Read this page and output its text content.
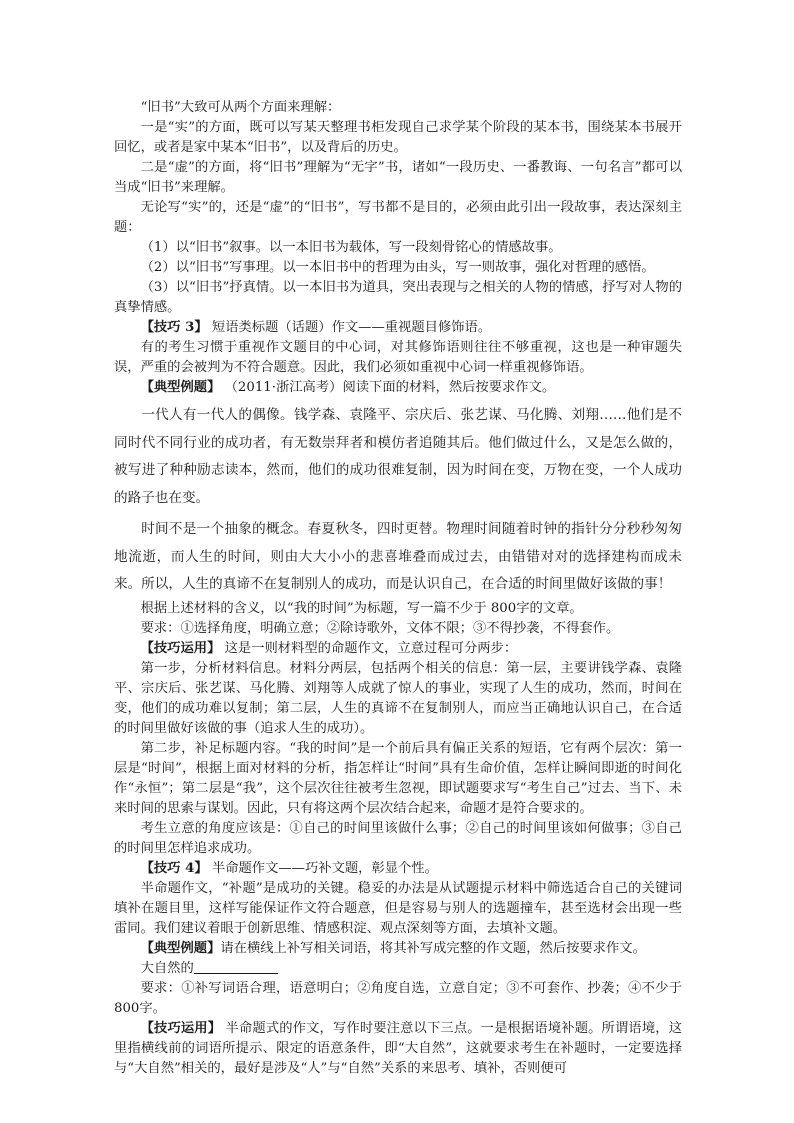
“旧书”大致可从两个方面来理解：

一是“实”的方面，既可以写某天整理书柜发现自己求学某个阶段的某本书，围绕某本书展开回忆，或者是家中某本“旧书”，以及背后的历史。

二是“虚”的方面，将“旧书”理解为“无字”书，诸如“一段历史、一番教诲、一句名言”都可以当成“旧书”来理解。

无论写“实”的，还是“虚”的“旧书”，写书都不是目的，必须由此引出一段故事，表达深刻主题：

（1）以“旧书”叙事。以一本旧书为载体，写一段刻骨铭心的情感故事。

（2）以“旧书”写事理。以一本旧书中的哲理为由头，写一则故事，强化对哲理的感悟。

（3）以“旧书”抒真情。以一本旧书为道具，突出表现与之相关的人物的情感，抒写对人物的真挚情感。

【技巧 3】 短语类标题（话题）作文——重视题目修饰语。

有的考生习惯于重视作文题目的中心词，对其修饰语则往往不够重视，这也是一种审题失误，严重的会被判为不符合题意。因此，我们必须如重视中心词一样重视修饰语。

【典型例题】 （2011·浙江高考）阅读下面的材料，然后按要求作文。

一代人有一代人的偶像。钱学森、袁隆平、宗庆后、张艺谋、马化腾、刘翔……他们是不同时代不同行业的成功者，有无数崇拜者和模仿者追随其后。他们做过什么，又是怎么做的，被写进了种种励志读本，然而，他们的成功很难复制，因为时间在变，万物在变，一个人成功的路子也在变。

时间不是一个抽象的概念。春夏秋冬，四时更替。物理时间随着时钟的指针分分秒秒匆匆地流逝，而人生的时间，则由大大小小的悲喜堆叠而成过去，由错错对对的选择建构而成未来。所以，人生的真谛不在复制别人的成功，而是认识自己，在合适的时间里做好该做的事！

根据上述材料的含义，以“我的时间”为标题，写一篇不少于 800字的文章。

要求：①选择角度，明确立意；②除诗歌外，文体不限；③不得抄袭，不得套作。

【技巧运用】 这是一则材料型的命题作文，立意过程可分两步：

第一步，分析材料信息。材料分两层，包括两个相关的信息：第一层，主要讲钱学森、袁隆平、宗庆后、张艺谋、马化腾、刘翔等人成就了惊人的事业，实现了人生的成功，然而，时间在变，他们的成功难以复制；第二层，人生的真谛不在复制别人，而应当正确地认识自己，在合适的时间里做好该做的事（追求人生的成功）。

第二步，补足标题内容。“我的时间”是一个前后具有偏正关系的短语，它有两个层次：第一层是“时间”，根据上面对材料的分析，指怎样让“时间”具有生命价值，怎样让瞬间即逝的时间化作“永恒”；第二层是“我”，这个层次往往被考生忽视，即试题要求写“考生自己”过去、当下、未来时间的思索与谋划。因此，只有将这两个层次结合起来，命题才是符合要求的。

考生立意的角度应该是：①自己的时间里该做什么事；②自己的时间里该如何做事；③自己的时间里怎样追求成功。

【技巧 4】 半命题作文——巧补文题，彰显个性。

半命题作文，“补题”是成功的关键。稳妥的办法是从试题提示材料中筛选适合自己的关键词填补在题目里，这样写能保证作文符合题意，但是容易与别人的选题撞车，甚至选材会出现一些雷同。我们建议着眼于创新思维、情感积淀、观点深刻等方面，去填补文题。

【典型例题】请在横线上补写相关词语，将其补写成完整的作文题，然后按要求作文。

大自然的

要求：①补写词语合理，语意明白；②角度自选，立意自定；③不可套作、抄袭；④不少于 800字。

【技巧运用】 半命题式的作文，写作时要注意以下三点。一是根据语境补题。所谓语境，这里指横线前的词语所提示、限定的语意条件，即“大自然”，这就要求考生在补题时，一定要选择与“大自然”相关的，最好是涉及“人”与“自然”关系的来思考、填补，否则便可
